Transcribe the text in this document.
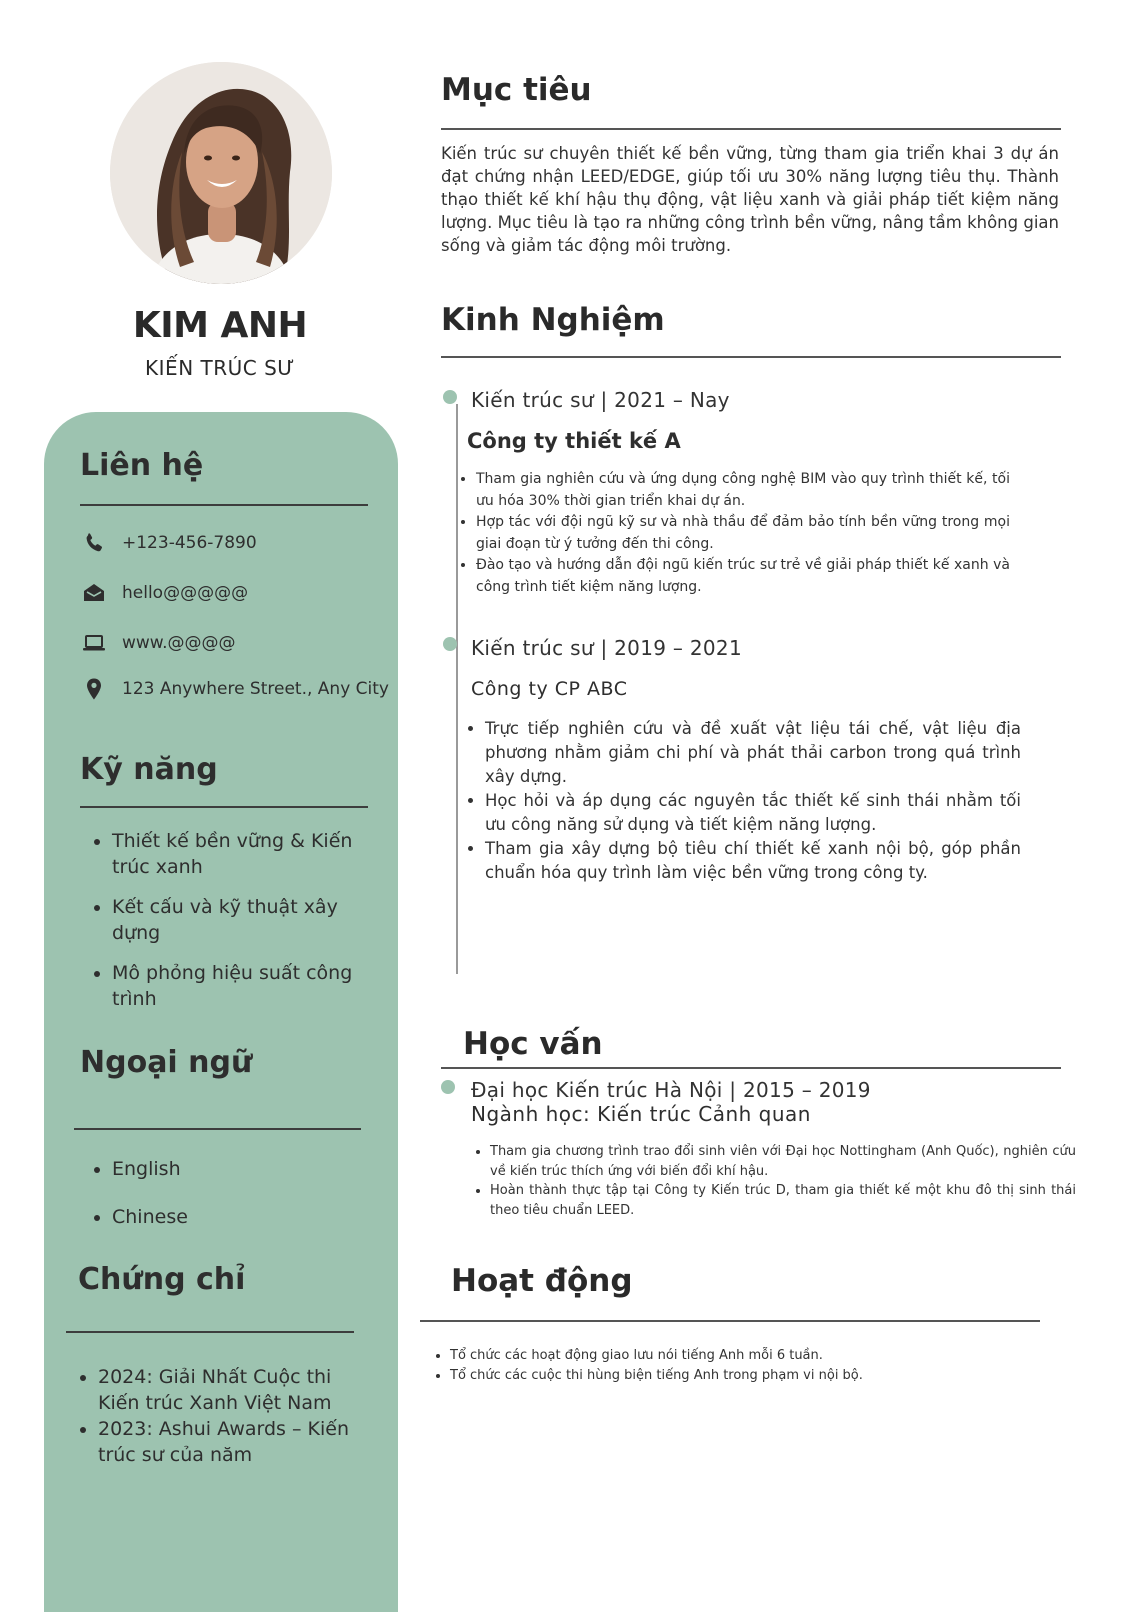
KIM ANH
KIẾN TRÚC SƯ
Liên hệ
+123-456-7890
hello@@@@@
www.@@@@
123 Anywhere Street., Any City
Kỹ năng
• Thiết kế bền vững & Kiến trúc xanh
• Kết cấu và kỹ thuật xây dựng
• Mô phỏng hiệu suất công trình
Ngoại ngữ
• English
• Chinese
Chứng chỉ
• 2024: Giải Nhất Cuộc thi Kiến trúc Xanh Việt Nam
• 2023: Ashui Awards – Kiến trúc sư của năm
Mục tiêu
Kiến trúc sư chuyên thiết kế bền vững, từng tham gia triển khai 3 dự án đạt chứng nhận LEED/EDGE, giúp tối ưu 30% năng lượng tiêu thụ. Thành thạo thiết kế khí hậu thụ động, vật liệu xanh và giải pháp tiết kiệm năng lượng. Mục tiêu là tạo ra những công trình bền vững, nâng tầm không gian sống và giảm tác động môi trường.
Kinh Nghiệm
Kiến trúc sư | 2021 – Nay
Công ty thiết kế A
• Tham gia nghiên cứu và ứng dụng công nghệ BIM vào quy trình thiết kế, tối ưu hóa 30% thời gian triển khai dự án.
• Hợp tác với đội ngũ kỹ sư và nhà thầu để đảm bảo tính bền vững trong mọi giai đoạn từ ý tưởng đến thi công.
• Đào tạo và hướng dẫn đội ngũ kiến trúc sư trẻ về giải pháp thiết kế xanh và công trình tiết kiệm năng lượng.
Kiến trúc sư | 2019 – 2021
Công ty CP ABC
• Trực tiếp nghiên cứu và đề xuất vật liệu tái chế, vật liệu địa phương nhằm giảm chi phí và phát thải carbon trong quá trình xây dựng.
• Học hỏi và áp dụng các nguyên tắc thiết kế sinh thái nhằm tối ưu công năng sử dụng và tiết kiệm năng lượng.
• Tham gia xây dựng bộ tiêu chí thiết kế xanh nội bộ, góp phần chuẩn hóa quy trình làm việc bền vững trong công ty.
Học vấn
Đại học Kiến trúc Hà Nội | 2015 – 2019
Ngành học: Kiến trúc Cảnh quan
• Tham gia chương trình trao đổi sinh viên với Đại học Nottingham (Anh Quốc), nghiên cứu về kiến trúc thích ứng với biến đổi khí hậu.
• Hoàn thành thực tập tại Công ty Kiến trúc D, tham gia thiết kế một khu đô thị sinh thái theo tiêu chuẩn LEED.
Hoạt động
• Tổ chức các hoạt động giao lưu nói tiếng Anh mỗi 6 tuần.
• Tổ chức các cuộc thi hùng biện tiếng Anh trong phạm vi nội bộ.
